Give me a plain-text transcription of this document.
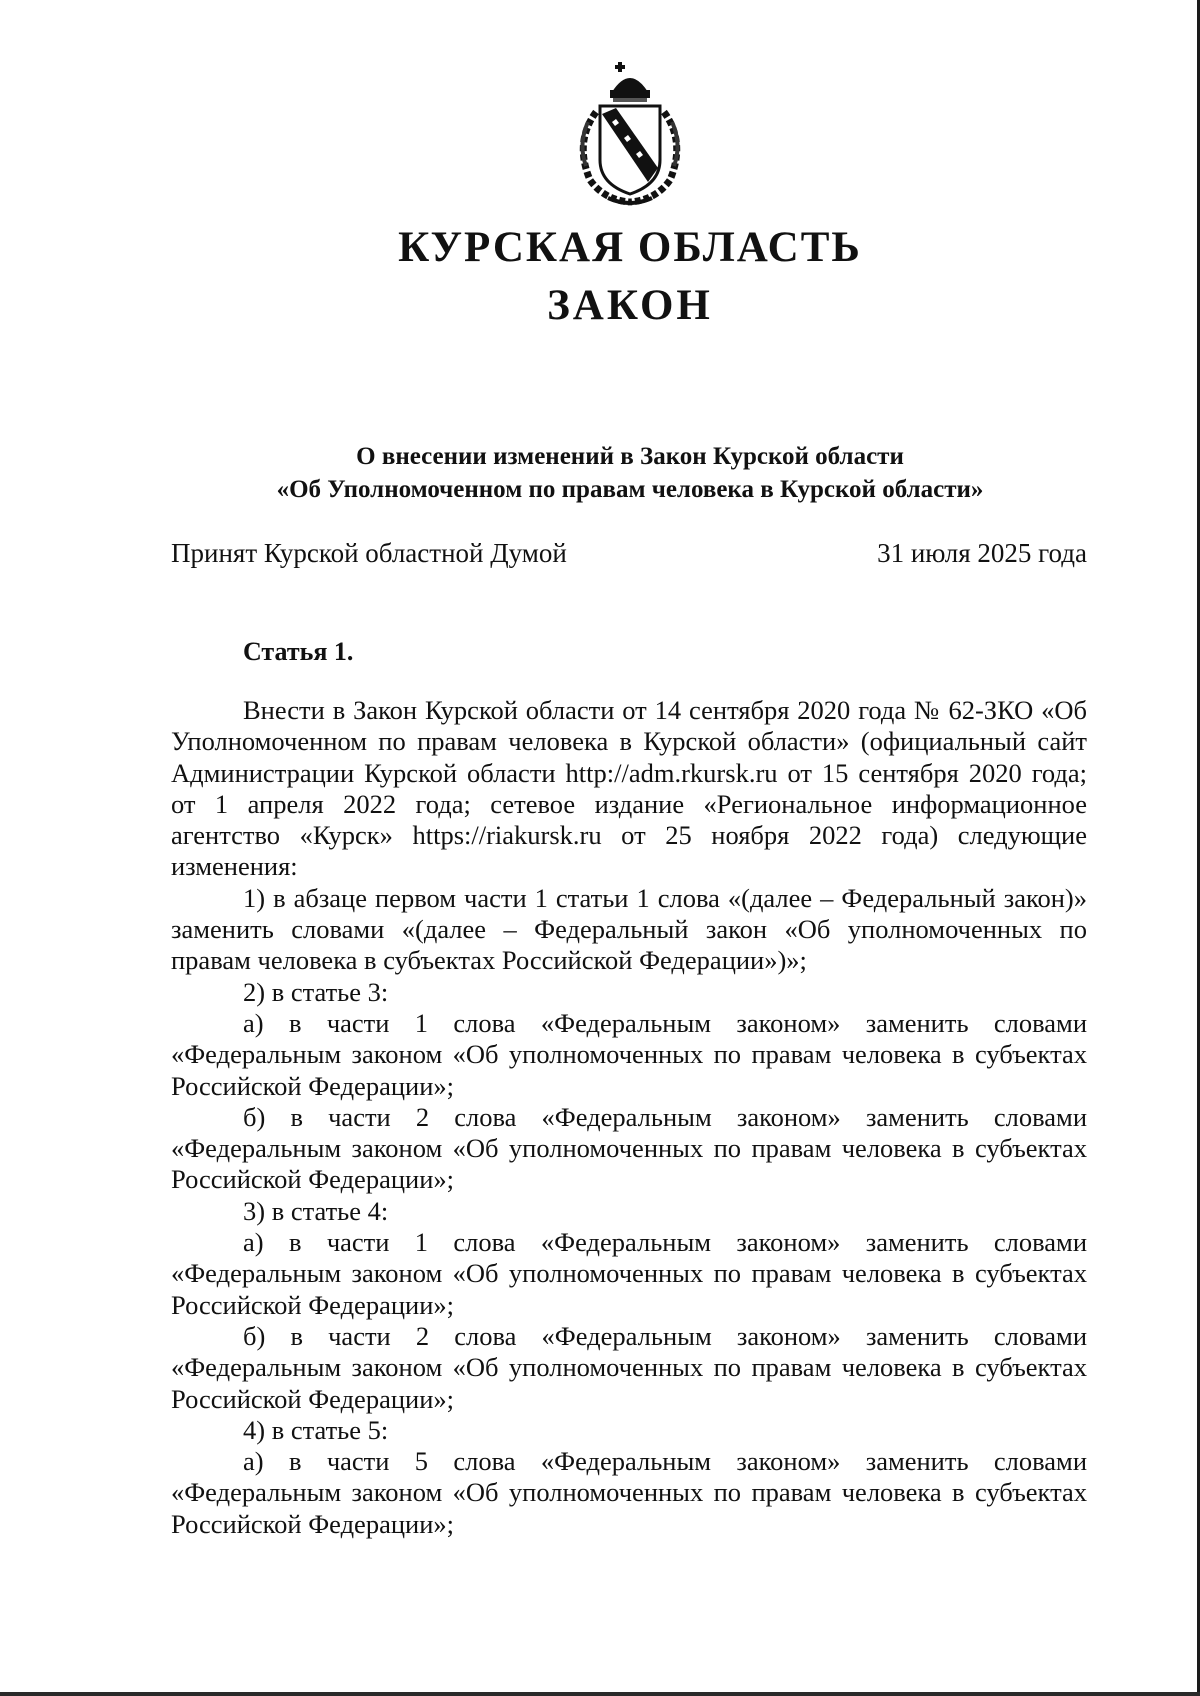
КУРСКАЯ ОБЛАСТЬ
ЗАКОН
О внесении изменений в Закон Курской области
«Об Уполномоченном по правам человека в Курской области»
Принят Курской областной Думой	31 июля 2025 года
Статья 1.

Внести в Закон Курской области от 14 сентября 2020 года № 62-ЗКО «Об Уполномоченном по правам человека в Курской области» (официальный сайт Администрации Курской области http://adm.rkursk.ru от 15 сентября 2020 года; от 1 апреля 2022 года; сетевое издание «Региональное информационное агентство «Курск» https://riakursk.ru от 25 ноября 2022 года) следующие изменения:

1) в абзаце первом части 1 статьи 1 слова «(далее – Федеральный закон)» заменить словами «(далее – Федеральный закон «Об уполномоченных по правам человека в субъектах Российской Федерации»)»;

2) в статье 3:

а) в части 1 слова «Федеральным законом» заменить словами «Федеральным законом «Об уполномоченных по правам человека в субъектах Российской Федерации»;

б) в части 2 слова «Федеральным законом» заменить словами «Федеральным законом «Об уполномоченных по правам человека в субъектах Российской Федерации»;

3) в статье 4:

а) в части 1 слова «Федеральным законом» заменить словами «Федеральным законом «Об уполномоченных по правам человека в субъектах Российской Федерации»;

б) в части 2 слова «Федеральным законом» заменить словами «Федеральным законом «Об уполномоченных по правам человека в субъектах Российской Федерации»;

4) в статье 5:

а) в части 5 слова «Федеральным законом» заменить словами «Федеральным законом «Об уполномоченных по правам человека в субъектах Российской Федерации»;
